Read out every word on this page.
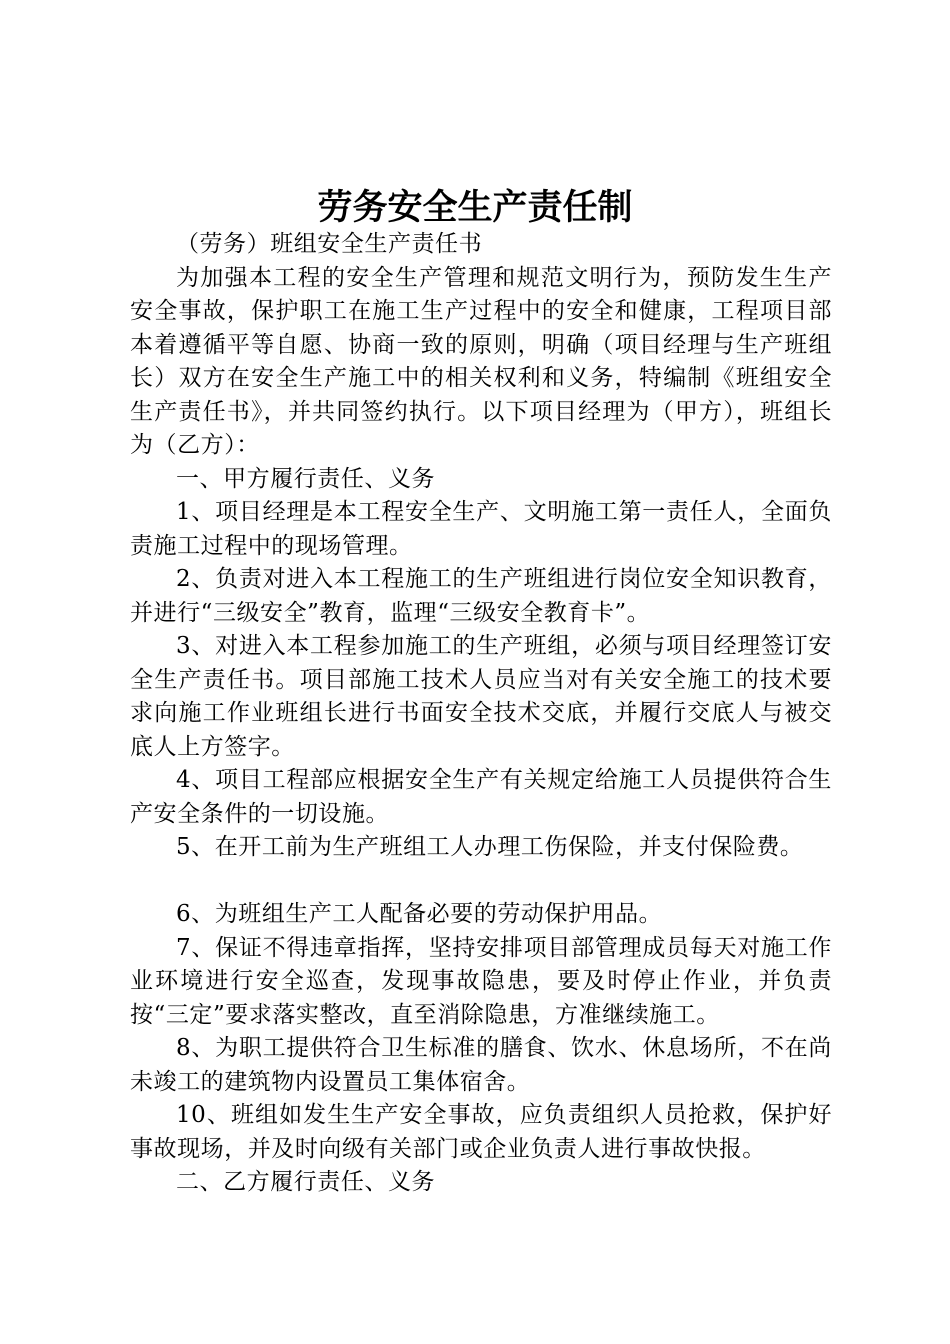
劳务安全生产责任制

（劳务）班组安全生产责任书

为加强本工程的安全生产管理和规范文明行为，预防发生生产安全事故，保护职工在施工生产过程中的安全和健康，工程项目部本着遵循平等自愿、协商一致的原则，明确（项目经理与生产班组长）双方在安全生产施工中的相关权利和义务，特编制《班组安全生产责任书》，并共同签约执行。以下项目经理为（甲方），班组长为（乙方）：

一、甲方履行责任、义务

1、项目经理是本工程安全生产、文明施工第一责任人，全面负责施工过程中的现场管理。

2、负责对进入本工程施工的生产班组进行岗位安全知识教育，并进行“三级安全”教育，监理“三级安全教育卡”。

3、对进入本工程参加施工的生产班组，必须与项目经理签订安全生产责任书。项目部施工技术人员应当对有关安全施工的技术要求向施工作业班组长进行书面安全技术交底，并履行交底人与被交底人上方签字。

4、项目工程部应根据安全生产有关规定给施工人员提供符合生产安全条件的一切设施。

5、在开工前为生产班组工人办理工伤保险，并支付保险费。

6、为班组生产工人配备必要的劳动保护用品。

7、保证不得违章指挥，坚持安排项目部管理成员每天对施工作业环境进行安全巡查，发现事故隐患，要及时停止作业，并负责按“三定”要求落实整改，直至消除隐患，方准继续施工。

8、为职工提供符合卫生标准的膳食、饮水、休息场所，不在尚未竣工的建筑物内设置员工集体宿舍。

10、班组如发生生产安全事故，应负责组织人员抢救，保护好事故现场，并及时向级有关部门或企业负责人进行事故快报。

二、乙方履行责任、义务
